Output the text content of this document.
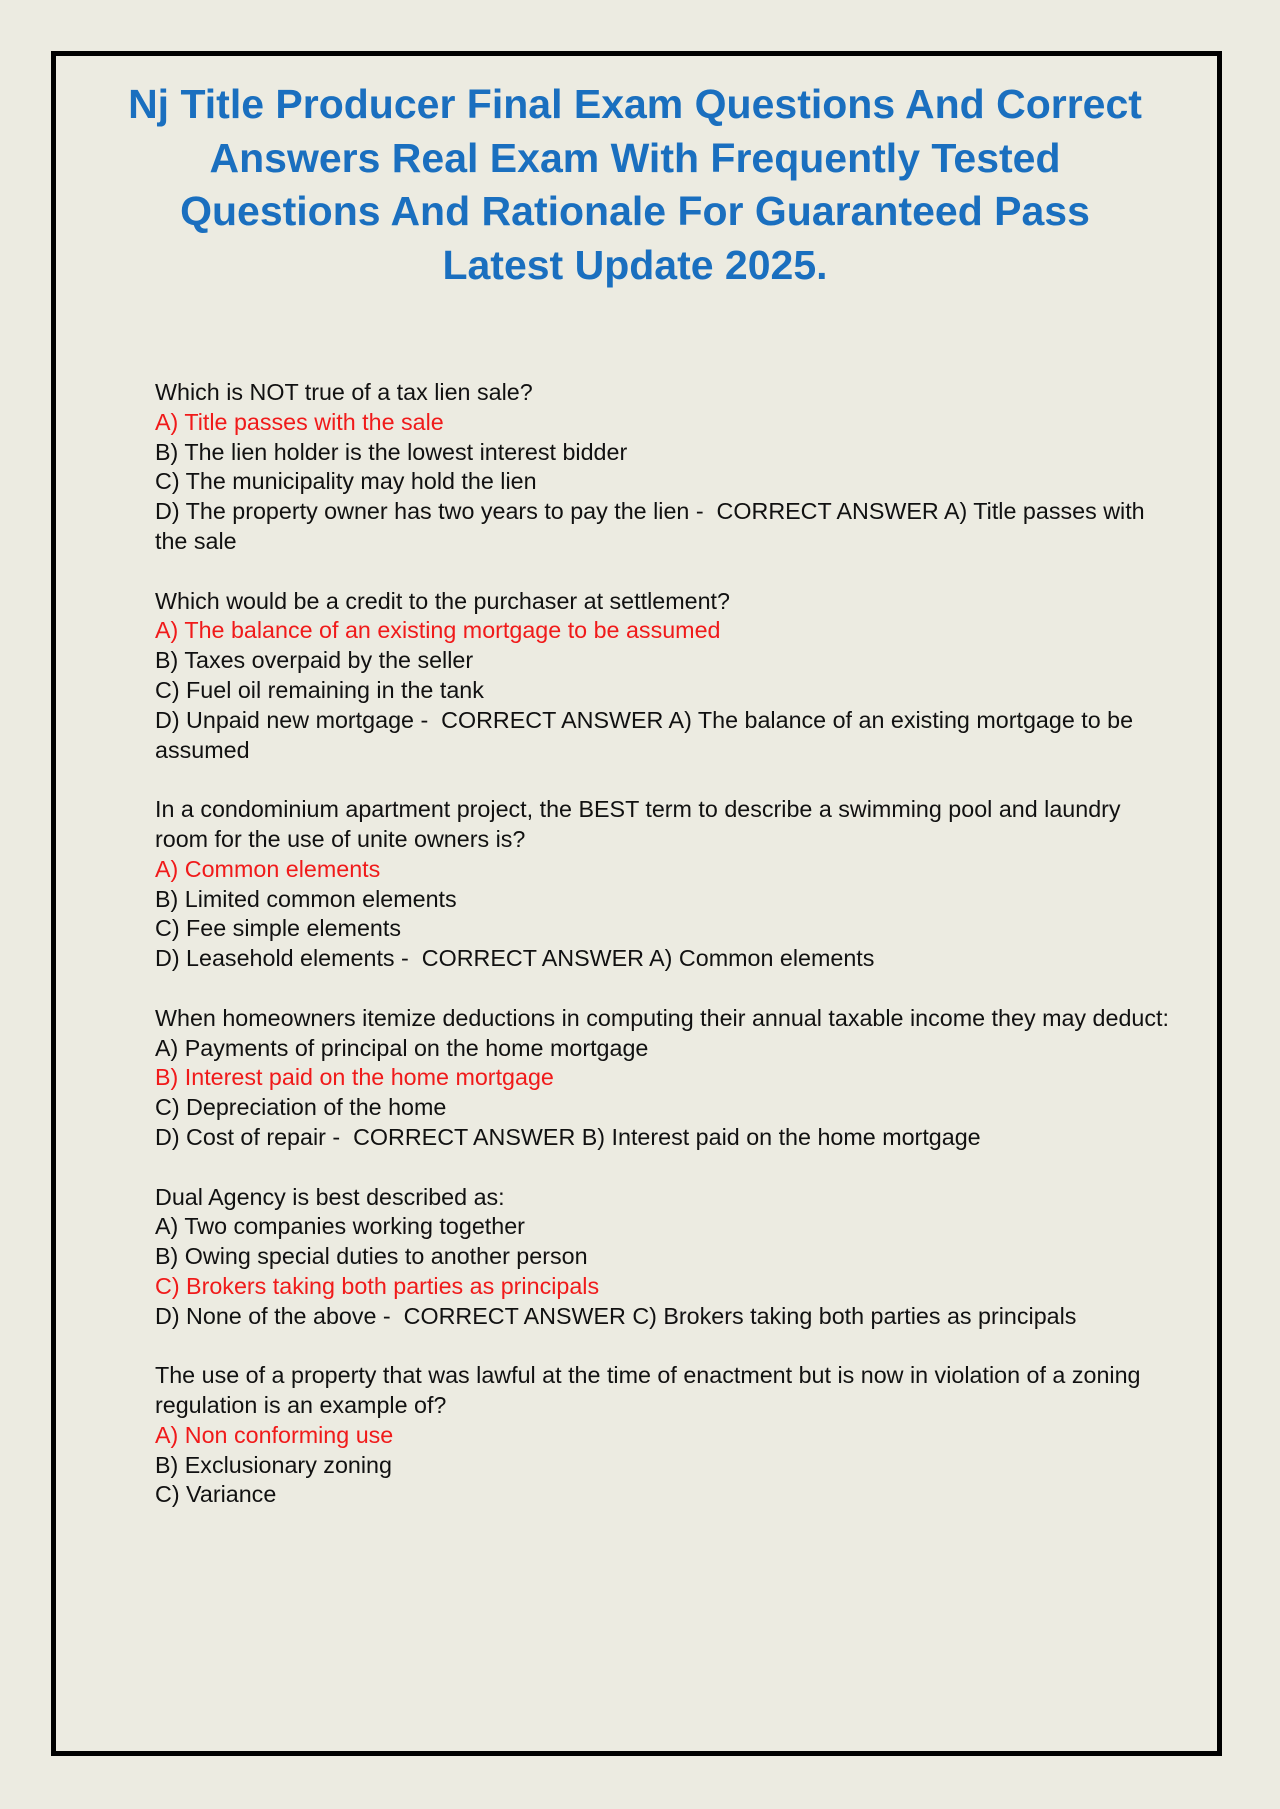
Nj Title Producer Final Exam Questions And Correct
Answers Real Exam With Frequently Tested
Questions And Rationale For Guaranteed Pass
Latest Update 2025.
Which is NOT true of a tax lien sale?
A) Title passes with the sale
B) The lien holder is the lowest interest bidder
C) The municipality may hold the lien
D) The property owner has two years to pay the lien -  CORRECT ANSWER A) Title passes with the sale
Which would be a credit to the purchaser at settlement?
A) The balance of an existing mortgage to be assumed
B) Taxes overpaid by the seller
C) Fuel oil remaining in the tank
D) Unpaid new mortgage -  CORRECT ANSWER A) The balance of an existing mortgage to be assumed
In a condominium apartment project, the BEST term to describe a swimming pool and laundry room for the use of unite owners is?
A) Common elements
B) Limited common elements
C) Fee simple elements
D) Leasehold elements -  CORRECT ANSWER A) Common elements
When homeowners itemize deductions in computing their annual taxable income they may deduct:
A) Payments of principal on the home mortgage
B) Interest paid on the home mortgage
C) Depreciation of the home
D) Cost of repair -  CORRECT ANSWER B) Interest paid on the home mortgage
Dual Agency is best described as:
A) Two companies working together
B) Owing special duties to another person
C) Brokers taking both parties as principals
D) None of the above -  CORRECT ANSWER C) Brokers taking both parties as principals
The use of a property that was lawful at the time of enactment but is now in violation of a zoning regulation is an example of?
A) Non conforming use
B) Exclusionary zoning
C) Variance
